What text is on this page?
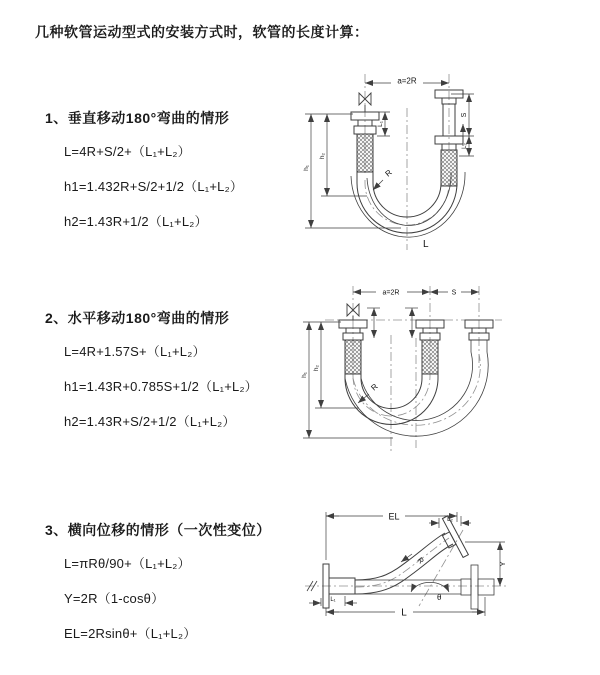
几种软管运动型式的安装方式时，软管的长度计算：
1、垂直移动180°弯曲的情形
L=4R+S/2+（L₁+L₂）
h1=1.432R+S/2+1/2（L₁+L₂）
h2=1.43R+1/2（L₁+L₂）
a=2R
L₁
S
L₂
h₁
h₂
R
L
2、水平移动180°弯曲的情形
L=4R+1.57S+（L₁+L₂）
h1=1.43R+0.785S+1/2（L₁+L₂）
h2=1.43R+S/2+1/2（L₁+L₂）
a=2R	S
h₁
h₂
R
3、横向位移的情形（一次性变位）
L=πRθ/90+（L₁+L₂）
Y=2R（1-cosθ）
EL=2Rsinθ+（L₁+L₂）
EL	L₂
Y
L
L₁	θ
R
